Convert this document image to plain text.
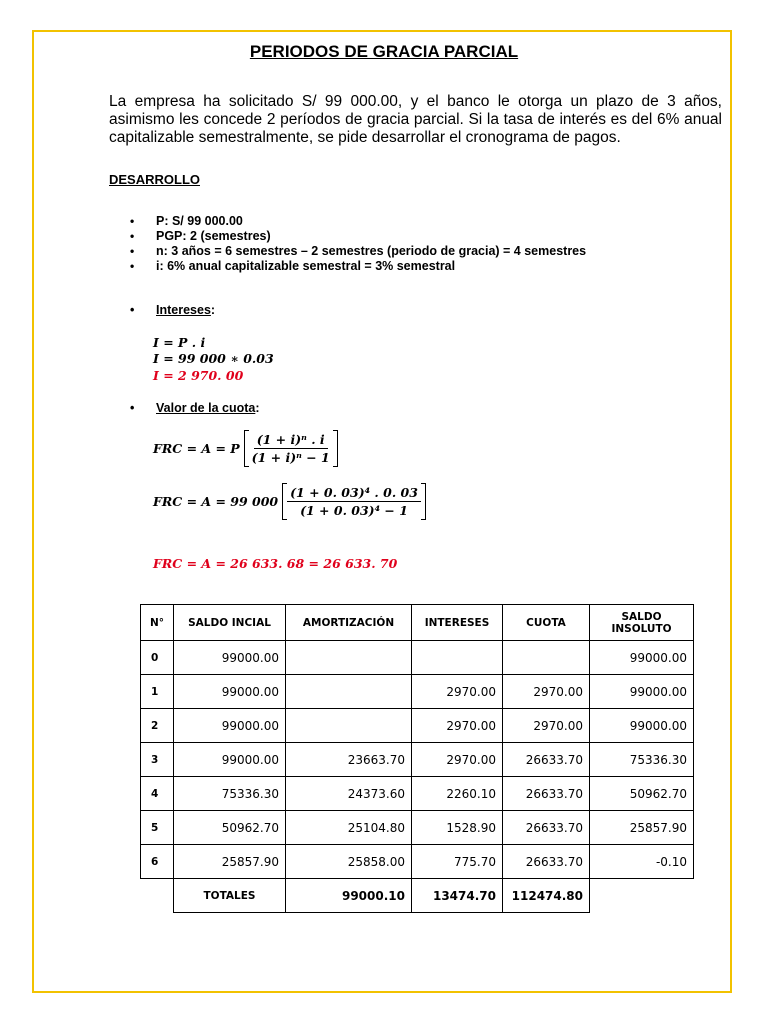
PERIODOS DE GRACIA PARCIAL
La empresa ha solicitado S/ 99 000.00, y el banco le otorga un plazo de 3 años, asimismo les concede 2 períodos de gracia parcial. Si la tasa de interés es del 6% anual capitalizable semestralmente, se pide desarrollar el cronograma de pagos.
DESARROLLO
• P: S/ 99 000.00
• PGP: 2 (semestres)
• n: 3 años = 6 semestres – 2 semestres (periodo de gracia) = 4 semestres
• i: 6% anual capitalizable semestral = 3% semestral
• Intereses:
I = P . i
I = 99 000 ∗ 0.03
I = 2 970. 00
• Valor de la cuota:
FRC = A = P $\frac{\text{(1 + i)ⁿ . i}}{\text{(1 + i)ⁿ − 1}}$
FRC = A = 99 $000 \frac{\text{(1 + 0. 03)⁴ . 0. 03}}{\text{(1 + 0. 03)⁴ − 1}}$
FRC = A = 26 633. 68 = 26 633. 70
N°	SALDO INCIAL	AMORTIZACIÓN	INTERESES	CUOTA	SALDO INSOLUTO
0	99000.00				99000.00
1	99000.00		2970.00	2970.00	99000.00
2	99000.00		2970.00	2970.00	99000.00
3	99000.00	23663.70	2970.00	26633.70	75336.30
4	75336.30	24373.60	2260.10	26633.70	50962.70
5	50962.70	25104.80	1528.90	26633.70	25857.90
6	25857.90	25858.00	775.70	26633.70	-0.10
	TOTALES	99000.10	13474.70	112474.80	
